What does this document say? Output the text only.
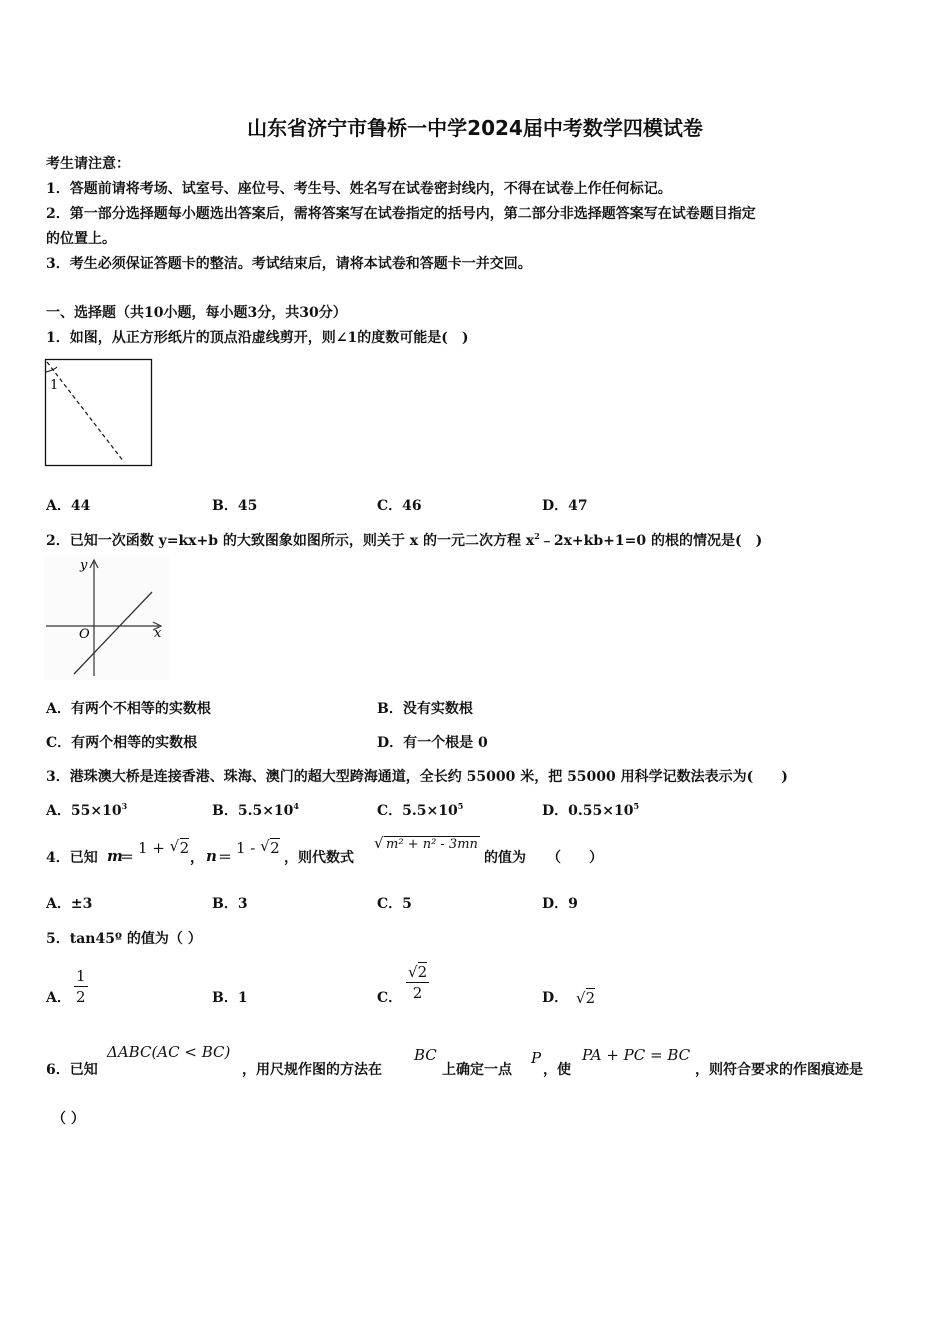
山东省济宁市鲁桥一中学2024届中考数学四模试卷
考生请注意：
1．答题前请将考场、试室号、座位号、考生号、姓名写在试卷密封线内，不得在试卷上作任何标记。
2．第一部分选择题每小题选出答案后，需将答案写在试卷指定的括号内，第二部分非选择题答案写在试卷题目指定
的位置上。
3．考生必须保证答题卡的整洁。考试结束后，请将本试卷和答题卡一并交回。
一、选择题（共10小题，每小题3分，共30分）
1．如图，从正方形纸片的顶点沿虚线剪开，则∠1的度数可能是(　)
1
A．44	B．45	C．46	D．47
2．已知一次函数 y=kx+b 的大致图象如图所示，则关于 x 的一元二次方程 $x^2﹣2x+kb+1=0$ 的根的情况是(　)
y
x
O
A．有两个不相等的实数根	B．没有实数根
C．有两个相等的实数根	D．有一个根是 0
3．港珠澳大桥是连接香港、珠海、澳门的超大型跨海通道，全长约 55000 米，把 55000 用科学记数法表示为(　　)
A．$55\times 10^3$	B．$5.5\times 10^4$	C．$5.5\times 10^5$	D．$0.55\times 10^5$
4．已知 m
＝
1 + √ 2
， n ＝
1 - √ 2
，则代数式
√ m² + n² - 3mn
的值为　　（　　）
A．±3	B．3	C．5	D．9
5．tan45º 的值为（ ）
A． $\frac{1}{2}$	B．1	C． $\frac{√2}{2}$	D． √2
6．已知
ΔABC(AC < BC)
，用尺规作图的方法在
BC
上确定一点
P
，使
PA + PC = BC
，则符合要求的作图痕迹是
（ ）
